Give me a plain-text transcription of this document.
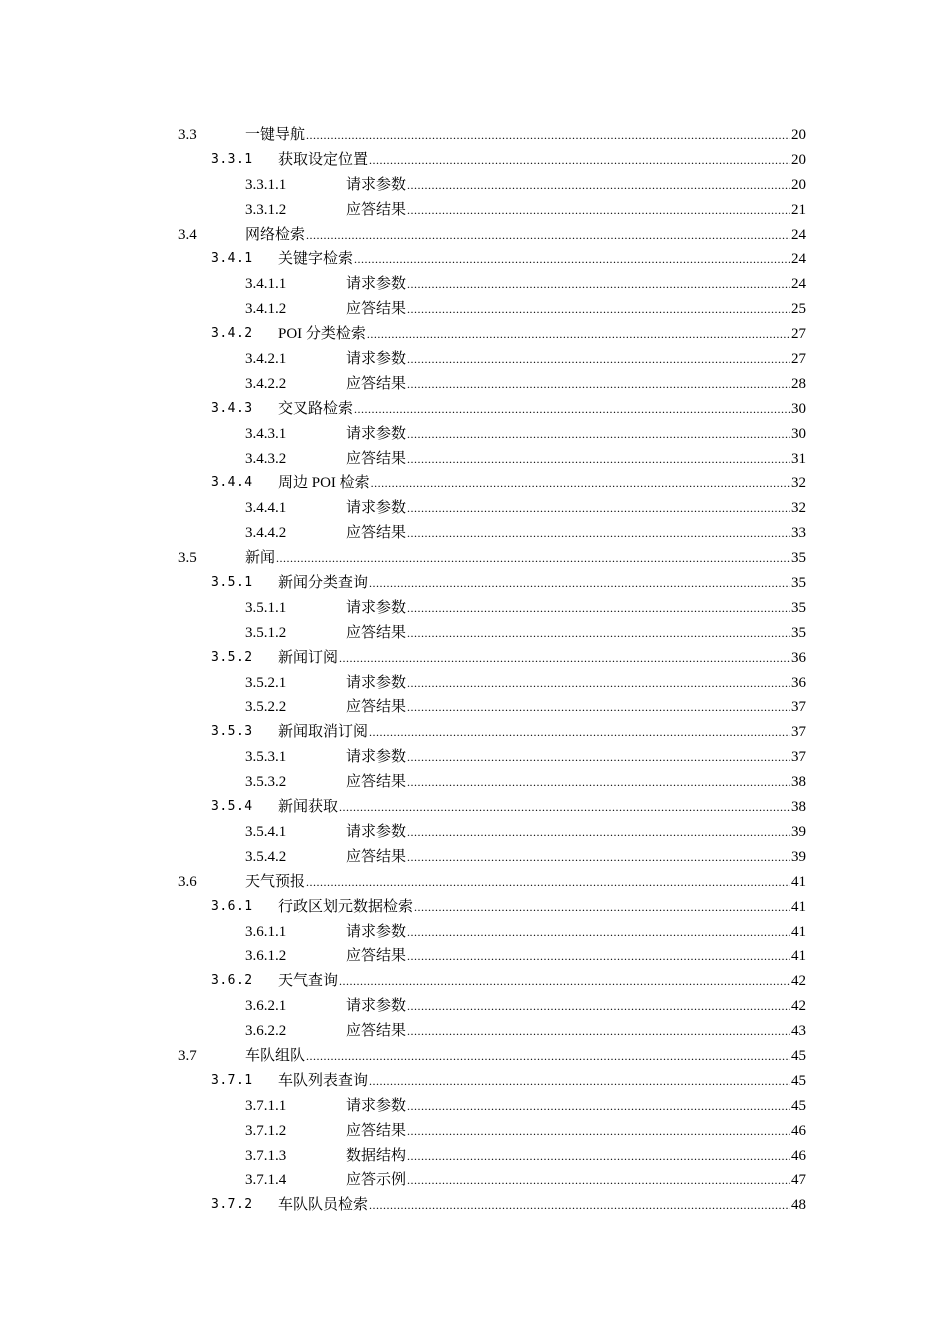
3.3	一键导航 .....	20
3.3.1 获取设定位置 .....	20
3.3.1.1	请求参数 .....	20
3.3.1.2	应答结果 .....	21
3.4	网络检索 .....	24
3.4.1 关键字检索 .....	24
3.4.1.1	请求参数 .....	24
3.4.1.2	应答结果 .....	25
3.4.2 POI 分类检索 .....	27
3.4.2.1	请求参数 .....	27
3.4.2.2	应答结果 .....	28
3.4.3 交叉路检索 .....	30
3.4.3.1	请求参数 .....	30
3.4.3.2	应答结果 .....	31
3.4.4 周边 POI 检索 .....	32
3.4.4.1	请求参数 .....	32
3.4.4.2	应答结果 .....	33
3.5	新闻 .....	35
3.5.1 新闻分类查询 .....	35
3.5.1.1	请求参数 .....	35
3.5.1.2	应答结果 .....	35
3.5.2 新闻订阅 .....	36
3.5.2.1	请求参数 .....	36
3.5.2.2	应答结果 .....	37
3.5.3 新闻取消订阅 .....	37
3.5.3.1	请求参数 .....	37
3.5.3.2	应答结果 .....	38
3.5.4 新闻获取 .....	38
3.5.4.1	请求参数 .....	39
3.5.4.2	应答结果 .....	39
3.6	天气预报 .....	41
3.6.1 行政区划元数据检索 .....	41
3.6.1.1	请求参数 .....	41
3.6.1.2	应答结果 .....	41
3.6.2 天气查询 .....	42
3.6.2.1	请求参数 .....	42
3.6.2.2	应答结果 .....	43
3.7	车队组队 .....	45
3.7.1 车队列表查询 .....	45
3.7.1.1	请求参数 .....	45
3.7.1.2	应答结果 .....	46
3.7.1.3	数据结构 .....	46
3.7.1.4	应答示例 .....	47
3.7.2 车队队员检索 .....	48
